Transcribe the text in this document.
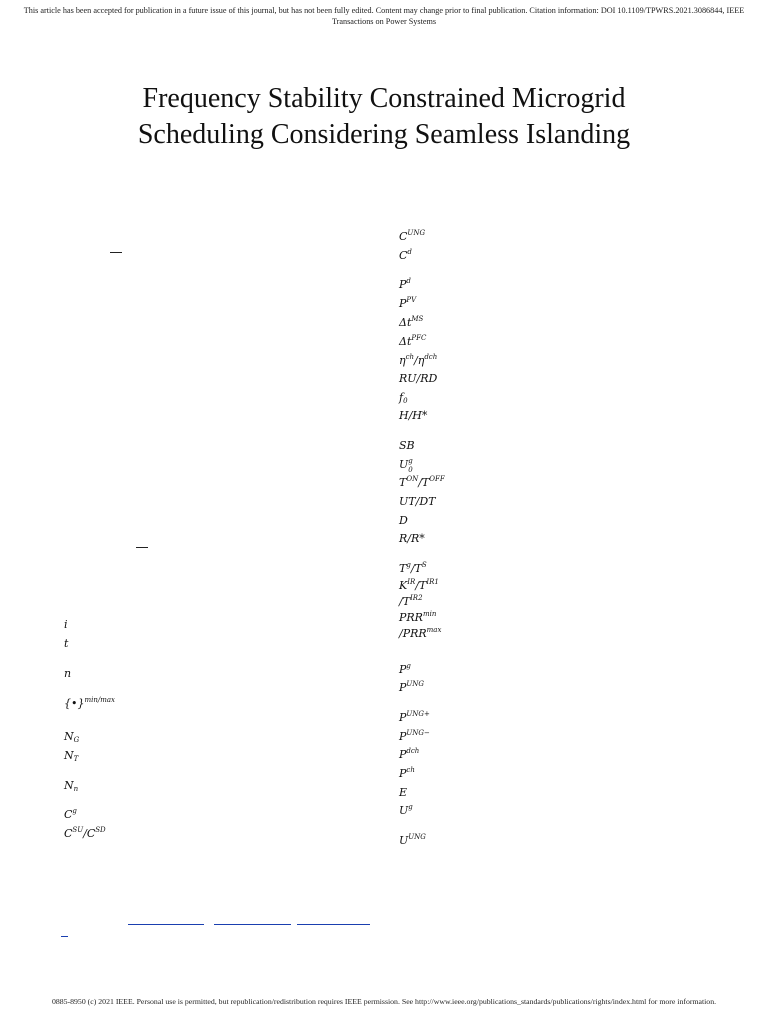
This article has been accepted for publication in a future issue of this journal, but has not been fully edited. Content may change prior to final publication. Citation information: DOI 10.1109/TPWRS.2021.3086844, IEEE
Transactions on Power Systems
Frequency Stability Constrained Microgrid
Scheduling Considering Seamless Islanding
i
t
n
{•}$^{min/max}$
$N_G$
$N_T$
$N_n$
$C^g$
$C^{SU}/C^{SD}$
$C^{UNG}$
$C^d$
$P^d$
$P^{PV}$
$\Delta t^{MS}$
$\Delta t^{PFC}$
$\eta^{ch}/\eta^{dch}$
RU/RD
$f_0$
H/H*
SB
U g
0
$T^{ON}/T^{OFF}$
UT/DT
D
R/R*
$T^g/T^S$
$K^{IR}/T^{IR1}$
$/T^{IR2}$
$PRR^{min}$
$/PRR^{max}$
$P^g$
$P^{UNG}$
$P^{UNG+}$
$P^{UNG-}$
$P^{dch}$
$P^{ch}$
E
$U^g$
$U^{UNG}$
0885-8950 (c) 2021 IEEE. Personal use is permitted, but republication/redistribution requires IEEE permission. See http://www.ieee.org/publications_standards/publications/rights/index.html for more information.
